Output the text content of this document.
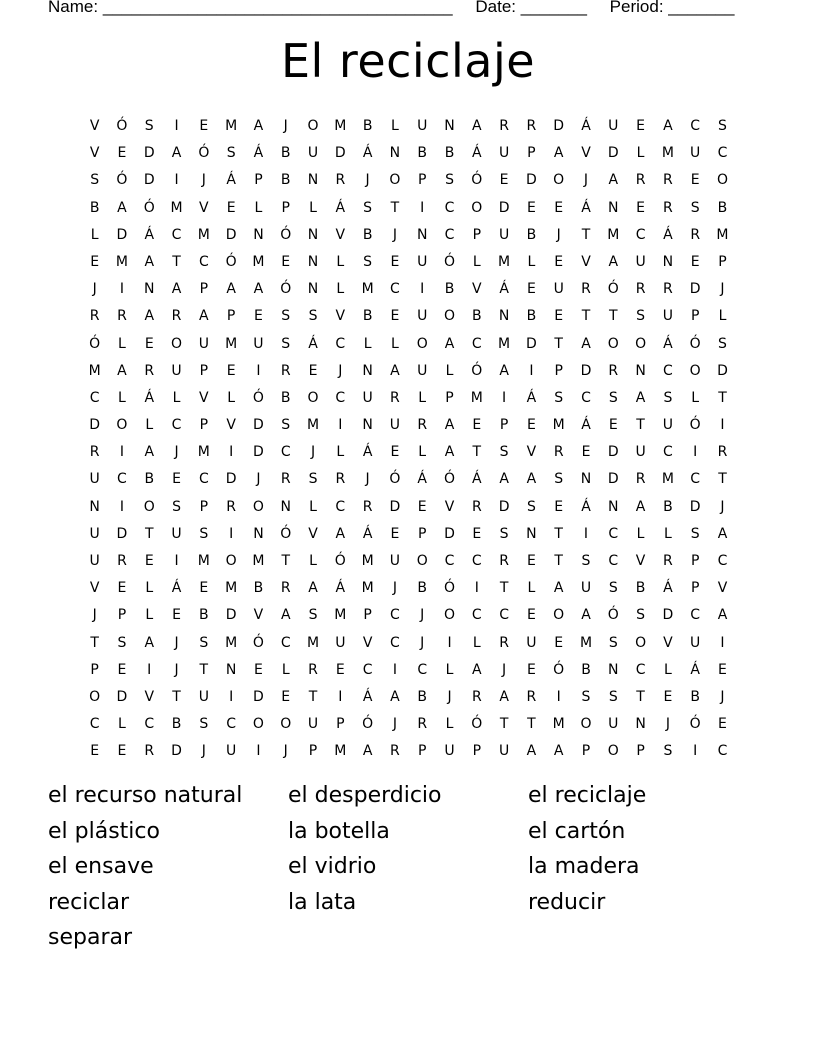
Name: _____________________________________ Date: _______ Period: _______
El reciclaje
V Ó S I E M A J O M B L U N A R R D Á U E A C S
V E D A Ó S Á B U D Á N B B Á U P A V D L M U C
S Ó D I J Á P B N R J O P S Ó E D O J A R R E O
B A Ó M V E L P L Á S T I C O D E E Á N E R S B
L D Á C M D N Ó N V B J N C P U B J T M C Á R M
E M A T C Ó M E N L S E U Ó L M L E V A U N E P
J I N A P A A Ó N L M C I B V Á E U R Ó R R D J
R R A R A P E S S V B E U O B N B E T T S U P L
Ó L E O U M U S Á C L L O A C M D T A O O Á Ó S
M A R U P E I R E J N A U L Ó A I P D R N C O D
C L Á L V L Ó B O C U R L P M I Á S C S A S L T
D O L C P V D S M I N U R A E P E M Á E T U Ó I
R I A J M I D C J L Á E L A T S V R E D U C I R
U C B E C D J R S R J Ó Á Ó Á A A S N D R M C T
N I O S P R O N L C R D E V R D S E Á N A B D J
U D T U S I N Ó V A Á E P D E S N T I C L L S A
U R E I M O M T L Ó M U O C C R E T S C V R P C
V E L Á E M B R A Á M J B Ó I T L A U S B Á P V
J P L E B D V A S M P C J O C C E O A Ó S D C A
T S A J S M Ó C M U V C J I L R U E M S O V U I
P E I J T N E L R E C I C L A J E Ó B N C L Á E
O D V T U I D E T I Á A B J R A R I S S T E B J
C L C B S C O O U P Ó J R L Ó T T M O U N J Ó E
E E R D J U I J P M A R P U P U A A P O P S I C
el recurso natural	el desperdicio	el reciclaje
el plástico	la botella	el cartón
el ensave	el vidrio	la madera
reciclar	la lata	reducir
separar
